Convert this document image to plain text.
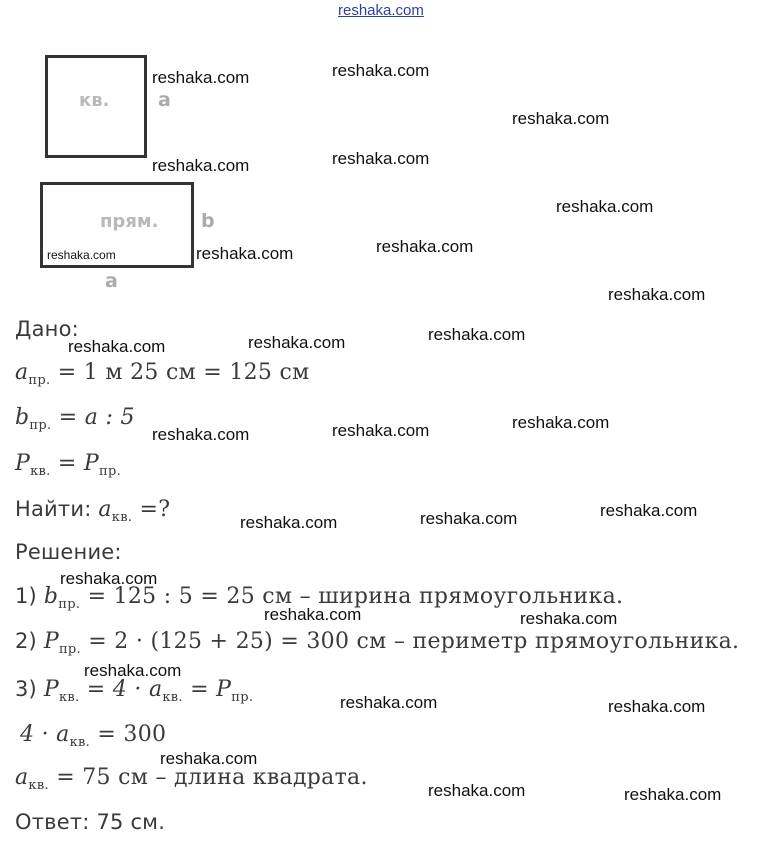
reshaka.com
кв.	a
прям. b
a
Дано:
$a_{пр.} = 1$ м 25 см = 125 см
$b_{пр.} = a$ : 5
$P_{кв.} = P_{пр.}$
Найти: $a_{кв.}$ =?
Решение:
1) $b_{пр.} = 125$ : 5 = 25 см – ширина прямоугольника.
2) $P_{пр.} = 2 \cdot (125 + 25) = 300$ см – периметр прямоугольника.
3) $P_{кв.} = 4 \cdot a_{кв.} = P_{пр.}$
$4 \cdot a_{кв.} = 300$
$a_{кв.} = 75$ см – длина квадрата.
Ответ: 75 см.
reshaka.com	reshaka.com
reshaka.com
reshaka.com	reshaka.com
reshaka.com
reshaka.com	reshaka.com	reshaka.com
reshaka.com
reshaka.com	reshaka.com	reshaka.com
reshaka.com	reshaka.com	reshaka.com
reshaka.com	reshaka.com	reshaka.com
reshaka.com
reshaka.com	reshaka.com
reshaka.com
reshaka.com	reshaka.com
reshaka.com
reshaka.com	reshaka.com
